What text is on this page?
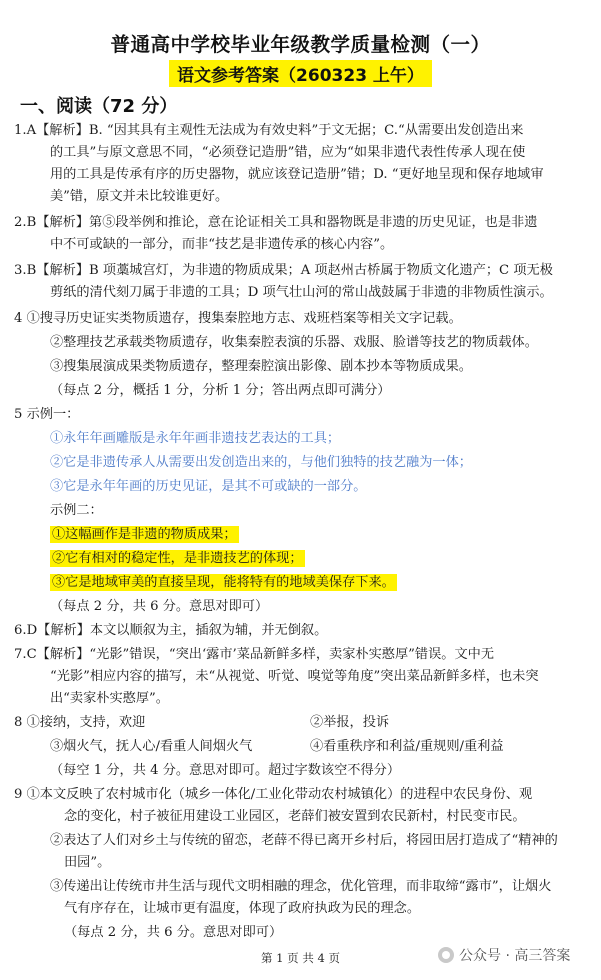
普通高中学校毕业年级教学质量检测（一）
语文参考答案（260323 上午）
一、阅读（72 分）
1.A【解析】B. “因其具有主观性无法成为有效史料”于文无据；C.“从需要出发创造出来
的工具”与原文意思不同，“必须登记造册”错，应为“如果非遗代表性传承人现在使
用的工具是传承有序的历史器物，就应该登记造册”错；D. “更好地呈现和保存地域审
美”错，原文并未比较谁更好。
2.B【解析】第⑤段举例和推论，意在论证相关工具和器物既是非遗的历史见证，也是非遗
中不可或缺的一部分，而非“技艺是非遗传承的核心内容”。
3.B【解析】B 项藁城宫灯，为非遗的物质成果；A 项赵州古桥属于物质文化遗产；C 项无极
剪纸的清代刻刀属于非遗的工具；D 项气壮山河的常山战鼓属于非遗的非物质性演示。
4 ①搜寻历史证实类物质遗存，搜集秦腔地方志、戏班档案等相关文字记载。
②整理技艺承载类物质遗存，收集秦腔表演的乐器、戏服、脸谱等技艺的物质载体。
③搜集展演成果类物质遗存，整理秦腔演出影像、剧本抄本等物质成果。
（每点 2 分，概括 1 分，分析 1 分；答出两点即可满分）
5 示例一：
①永年年画雕版是永年年画非遗技艺表达的工具；
②它是非遗传承人从需要出发创造出来的，与他们独特的技艺融为一体；
③它是永年年画的历史见证，是其不可或缺的一部分。
示例二：
①这幅画作是非遗的物质成果；
②它有相对的稳定性，是非遗技艺的体现；
③它是地域审美的直接呈现，能将特有的地域美保存下来。
（每点 2 分，共 6 分。意思对即可）
6.D【解析】本文以顺叙为主，插叙为辅，并无倒叙。
7.C【解析】“光影”错误，“突出‘露市’菜品新鲜多样，卖家朴实憨厚”错误。文中无
“光影”相应内容的描写，未“从视觉、听觉、嗅觉等角度”突出菜品新鲜多样，也未突
出“卖家朴实憨厚”。
8 ①接纳，支持，欢迎	②举报，投诉
③烟火气，抚人心/看重人间烟火气	④看重秩序和利益/重规则/重利益
（每空 1 分，共 4 分。意思对即可。超过字数该空不得分）
9 ①本文反映了农村城市化（城乡一体化/工业化带动农村城镇化）的进程中农民身份、观
念的变化，村子被征用建设工业园区，老薛们被安置到农民新村，村民变市民。
②表达了人们对乡土与传统的留恋，老薛不得已离开乡村后，将园田居打造成了“精神的
田园”。
③传递出让传统市井生活与现代文明相融的理念，优化管理，而非取缔“露市”，让烟火
气有序存在，让城市更有温度，体现了政府执政为民的理念。
（每点 2 分，共 6 分。意思对即可）
第 1 页 共 4 页	公众号 · 高三答案
